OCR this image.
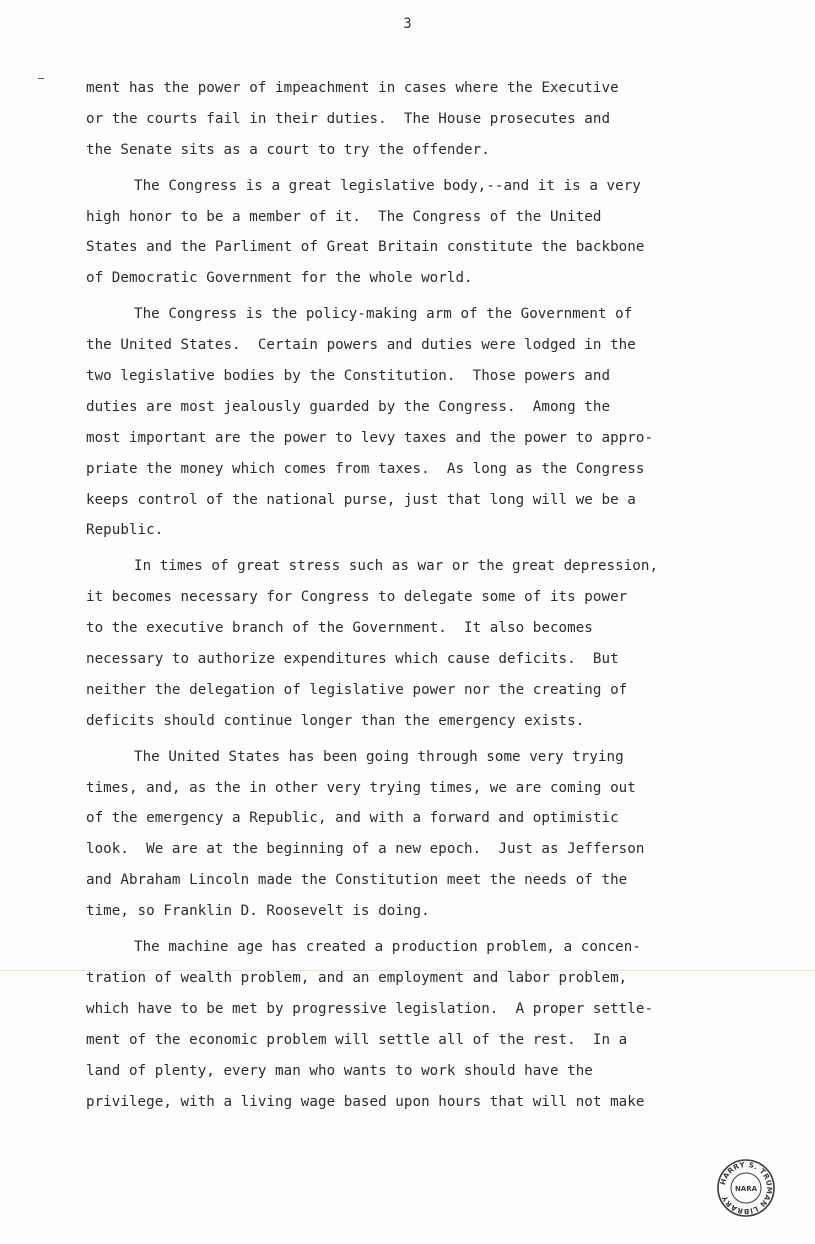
3
ment has the power of impeachment in cases where the Executive
or the courts fail in their duties.  The House prosecutes and
the Senate sits as a court to try the offender.
The Congress is a great legislative body,--and it is a very
high honor to be a member of it.  The Congress of the United
States and the Parliment of Great Britain constitute the backbone
of Democratic Government for the whole world.
The Congress is the policy-making arm of the Government of
the United States.  Certain powers and duties were lodged in the
two legislative bodies by the Constitution.  Those powers and
duties are most jealously guarded by the Congress.  Among the
most important are the power to levy taxes and the power to appro-
priate the money which comes from taxes.  As long as the Congress
keeps control of the national purse, just that long will we be a
Republic.
In times of great stress such as war or the great depression,
it becomes necessary for Congress to delegate some of its power
to the executive branch of the Government.  It also becomes
necessary to authorize expenditures which cause deficits.  But
neither the delegation of legislative power nor the creating of
deficits should continue longer than the emergency exists.
The United States has been going through some very trying
times, and, as the in other very trying times, we are coming out
of the emergency a Republic, and with a forward and optimistic
look.  We are at the beginning of a new epoch.  Just as Jefferson
and Abraham Lincoln made the Constitution meet the needs of the
time, so Franklin D. Roosevelt is doing.
The machine age has created a production problem, a concen-
tration of wealth problem, and an employment and labor problem,
which have to be met by progressive legislation.  A proper settle-
ment of the economic problem will settle all of the rest.  In a
land of plenty, every man who wants to work should have the
privilege, with a living wage based upon hours that will not make
HARRY S. TRUMAN LIBRARY
NARA
